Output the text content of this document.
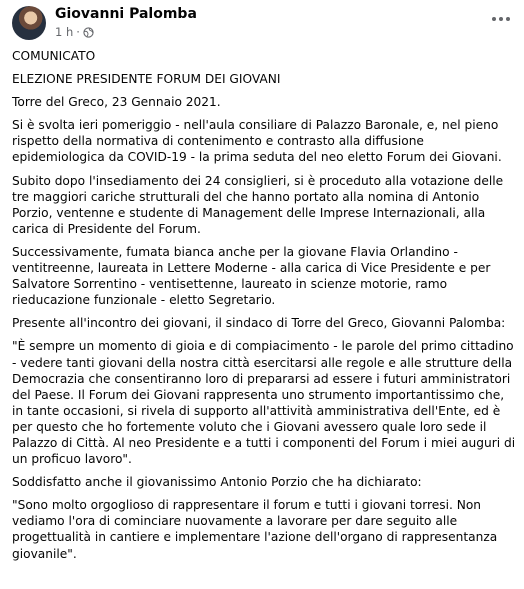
Giovanni Palomba
1 h ·

COMUNICATO

ELEZIONE PRESIDENTE FORUM DEI GIOVANI

Torre del Greco, 23 Gennaio 2021.

Si è svolta ieri pomeriggio - nell'aula consiliare di Palazzo Baronale, e, nel pieno rispetto della normativa di contenimento e contrasto alla diffusione epidemiologica da COVID-19 - la prima seduta del neo eletto Forum dei Giovani.

Subito dopo l'insediamento dei 24 consiglieri, si è proceduto alla votazione delle tre maggiori cariche strutturali del che hanno portato alla nomina di Antonio Porzio, ventenne e studente di Management delle Imprese Internazionali, alla carica di Presidente del Forum.

Successivamente, fumata bianca anche per la giovane Flavia Orlandino - ventitreenne, laureata in Lettere Moderne - alla carica di Vice Presidente e per Salvatore Sorrentino - ventisettenne, laureato in scienze motorie, ramo rieducazione funzionale - eletto Segretario.

Presente all'incontro dei giovani, il sindaco di Torre del Greco, Giovanni Palomba:

"È sempre un momento di gioia e di compiacimento - le parole del primo cittadino - vedere tanti giovani della nostra città esercitarsi alle regole e alle strutture della Democrazia che consentiranno loro di prepararsi ad essere i futuri amministratori del Paese. Il Forum dei Giovani rappresenta uno strumento importantissimo che, in tante occasioni, si rivela di supporto all'attività amministrativa dell'Ente, ed è per questo che ho fortemente voluto che i Giovani avessero quale loro sede il Palazzo di Città. Al neo Presidente e a tutti i componenti del Forum i miei auguri di un proficuo lavoro".

Soddisfatto anche il giovanissimo Antonio Porzio che ha dichiarato:

"Sono molto orgoglioso di rappresentare il forum e tutti i giovani torresi. Non vediamo l'ora di cominciare nuovamente a lavorare per dare seguito alle progettualità in cantiere e implementare l'azione dell'organo di rappresentanza giovanile".
